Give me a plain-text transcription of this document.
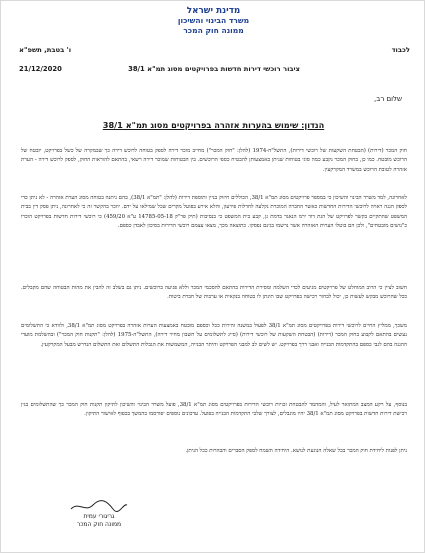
מדינת ישראל
משרד הבינוי והשיכון
ממונה חוק המכר
לכבוד
ו' בטבת, תשפ"א
ציבור רוכשי דירות חדשות בפרויקטים מסוג תמ"א 38/1
21/12/2020
שלום רב,
הנדון: שימוש בהערות אזהרה בפרויקטים מסוג תמ"א 38/1
חוק המכר (דירות) (הבטחת השקעות של רוכשי דירות), התשל"ה-1974 (להלן: "חוק המכר") מחייב מוכר דירה לספק בטוחה לרוכש דירה כך שבמקרה של כשל בפרויקט, יובטח של הרוכש מובטח. כמו כן, בחוק המכר נקבע כמה סוגי בטוחות שניתן באמצעותן להבטיח כספי הרוכשים. בין הבטוחות שמוכר דירה רשאי, בהתאם להוראות החוק, לספק לרוכש דירה - הערת אזהרה לטובת הרוכש במשרד המקרקעין.
לאחרונה, למד משרד הבינוי והשיכון כי במספר פרויקטים מסוג תמ"א 38/1, הכוללים חיזוק בניין ותוספת דירות (להלן: "תמ"א 38/1), בהם ניתנה בטוחה מסוג הערת אזהרה - לא ניתן כדי לספק הגנה ראויה לרוכשי הדירות החדשות כאשר החברה המוכרת נקלעה לחדלות פירעון, והלא אירע בפועל מקרים שכל שמילאו על ידם. יוזכר בהקשר זה כי לאחרונה, ניתן פסק דין בבית המשפט שהתקיים בקשר לפרויקט של הגת דוד ירמ הנאגר בדמת גן, קבע בית המשפט כי בנסיבות (תיק פר"ק 14785-05-18 ע"א 459/20) כי רוכשי דירות חדשות בפרויקט הוכרו כ"נושים מובטחים", ולכן הם בוטלו הערות האזהרה אשר נרשמו בגינם נפסקו. כתוצאה מכך, מצאו עצמם רוכשי הדירות בסיכון לאבדן כספם.
חשוב לציין כי הרוב המוחלט של פרויקטים מגיעים לכדי השלמה ומסירת הדירות בהתאם להסכמי המכר וללא פגיעה ברוכשים. ניתן גם בשלב זה להבין את מהות הבטוחה שהם מקבלים. ככל שהרוכש מבקש לעשות כן, יכול לבחור רכישה בפרויקט שבו תינתן לו בטוחה בנקאית או ערבות של חברת ביטוח.
משכך, ממליץ החיים לרוכשי דירות בפרויקטים מסוג תמ"א 38/1 לפעול במשנה זהירות ככל וכספם מובטח באמצעות הערות אזהרה בפרויקט מסוג תמ"א 38/1, ולוודא כי התשלומים נעשים בהתאם לקבוע בחוק המכר (דירות) (הבטחת השקעות של רוכשי דירות) (סייג לתשלומים על חשבון מחיר דירה), התשל"ה-1975 (להלן: "תקנות חוק המכר") ובהשלמת מועדי ההגנה בהם לגבי כספם בהתקדמות הבנייה ואבני דרך בפרויקט. יש לשים לב למבני הפרויקט והיתר הבנייה, המשמשות את הגבלות התשלום ואת התשלום הנדרש מבעל המקרקעין.
בנוסף, על רקע המצב המתואר לעיל, והמהמד להבטחת זכויות רוכשי הדירות בפרויקטים מסוג תמ"א 38/1, פועל משרד הבינוי והשיכון לתיקון תקנות חוק המכר כך שהתשלומים בגין רכישת דירות חדשות בפרויקט מסוג תמ"א 38/1 יהיו מוגבלים, לצורך שלבי התקדמות הבנייה בפועל. עדכונים נוספים יפורסמו בהמשך בכפוף לאישור התיקון.
ניתן לפנות ליחידת חוק המכר בכל שאלה הנוגעת לנושא. היחידה תשמח לספק הסברים והבהרות ככל הניתן.
גריגורי עמית
ממונה חוק המכר
